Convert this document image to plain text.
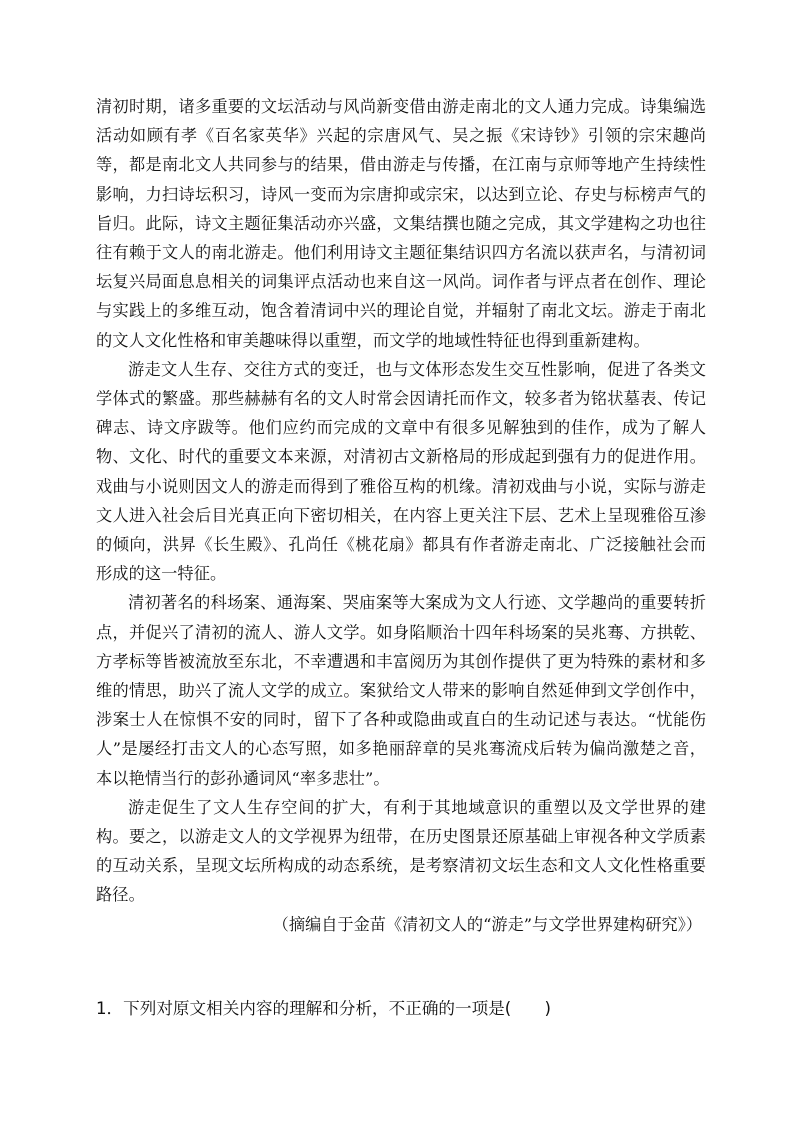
清初时期，诸多重要的文坛活动与风尚新变借由游走南北的文人通力完成。诗集编选活动如顾有孝《百名家英华》兴起的宗唐风气、吴之振《宋诗钞》引领的宗宋趣尚等，都是南北文人共同参与的结果，借由游走与传播，在江南与京师等地产生持续性影响，力扫诗坛积习，诗风一变而为宗唐抑或宗宋，以达到立论、存史与标榜声气的旨归。此际，诗文主题征集活动亦兴盛，文集结撰也随之完成，其文学建构之功也往往有赖于文人的南北游走。他们利用诗文主题征集结识四方名流以获声名，与清初词坛复兴局面息息相关的词集评点活动也来自这一风尚。词作者与评点者在创作、理论与实践上的多维互动，饱含着清词中兴的理论自觉，并辐射了南北文坛。游走于南北的文人文化性格和审美趣味得以重塑，而文学的地域性特征也得到重新建构。

游走文人生存、交往方式的变迁，也与文体形态发生交互性影响，促进了各类文学体式的繁盛。那些赫赫有名的文人时常会因请托而作文，较多者为铭状墓表、传记碑志、诗文序跋等。他们应约而完成的文章中有很多见解独到的佳作，成为了解人物、文化、时代的重要文本来源，对清初古文新格局的形成起到强有力的促进作用。戏曲与小说则因文人的游走而得到了雅俗互构的机缘。清初戏曲与小说，实际与游走文人进入社会后目光真正向下密切相关，在内容上更关注下层、艺术上呈现雅俗互渗的倾向，洪昇《长生殿》、孔尚任《桃花扇》都具有作者游走南北、广泛接触社会而形成的这一特征。

清初著名的科场案、通海案、哭庙案等大案成为文人行迹、文学趣尚的重要转折点，并促兴了清初的流人、游人文学。如身陷顺治十四年科场案的吴兆骞、方拱乾、方孝标等皆被流放至东北，不幸遭遇和丰富阅历为其创作提供了更为特殊的素材和多维的情思，助兴了流人文学的成立。案狱给文人带来的影响自然延伸到文学创作中，涉案士人在惊惧不安的同时，留下了各种或隐曲或直白的生动记述与表达。“忧能伤人”是屡经打击文人的心态写照，如多艳丽辞章的吴兆骞流戍后转为偏尚激楚之音，本以艳情当行的彭孙遹词风“率多悲壮”。

游走促生了文人生存空间的扩大，有利于其地域意识的重塑以及文学世界的建构。要之，以游走文人的文学视界为纽带，在历史图景还原基础上审视各种文学质素的互动关系，呈现文坛所构成的动态系统，是考察清初文坛生态和文人文化性格重要路径。

（摘编自于金苗《清初文人的“游走”与文学世界建构研究》）

1．下列对原文相关内容的理解和分析，不正确的一项是(　　)
